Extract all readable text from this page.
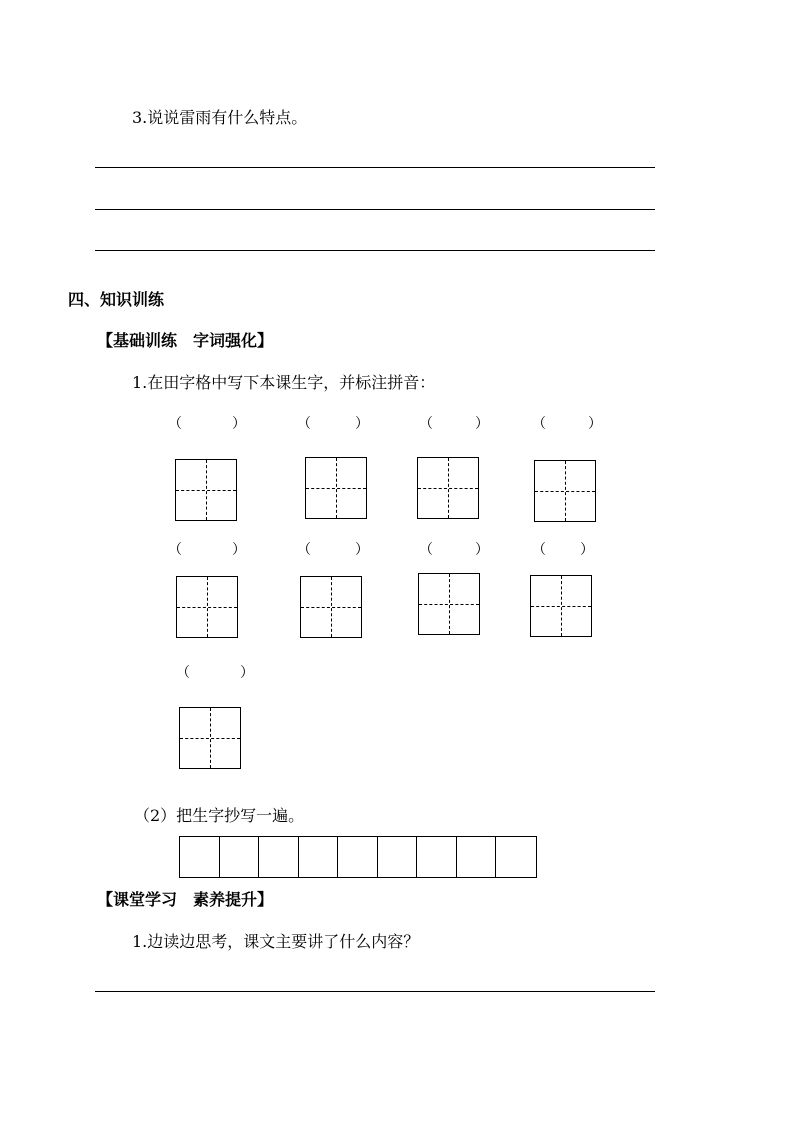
3.说说雷雨有什么特点。
四、知识训练
【基础训练　字词强化】
1.在田字格中写下本课生字，并标注拼音：
（	）	（	）	（	）	（	）
（	）	（	）	（	）	（ ）
（	）
（2）把生字抄写一遍。
【课堂学习　素养提升】
1.边读边思考，课文主要讲了什么内容？
